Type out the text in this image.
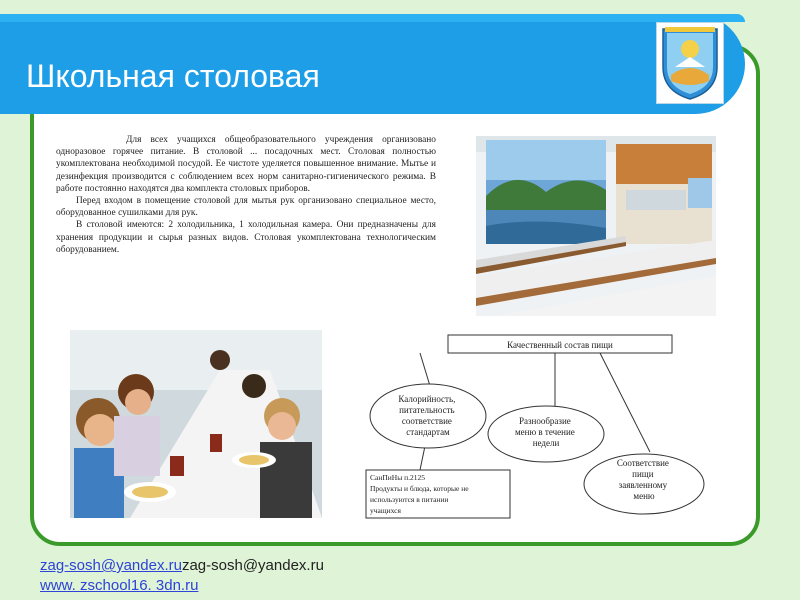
Школьная столовая

Для всех учащихся общеобразовательного учреждения организовано одноразовое горячее питание. В столовой ... посадочных мест. Столовая полностью укомплектована необходимой посудой. Ее чистоте уделяется повышенное внимание. Мытье и дезинфекция производится с соблюдением всех норм санитарно-гигиенического режима. В работе постоянно находятся два комплекта столовых приборов.

Перед входом в помещение столовой для мытья рук организовано специальное место, оборудованное сушилками для рук.

В столовой имеются: 2 холодильника, 1 холодильная камера. Они предназначены для хранения продукции и сырья разных видов. Столовая укомплектована технологическим оборудованием.

Качественный состав пищи
Калорийность, питательность соответствие стандартам
Разнообразие меню в течение недели
Соответствие пищи заявленному меню
СанПиНы п.2125 Продукты и блюда, которые не используются в питании учащихся
zag-sosh@yandex.ruzag-sosh@yandex.ru
www. zschool16. 3dn.ru
